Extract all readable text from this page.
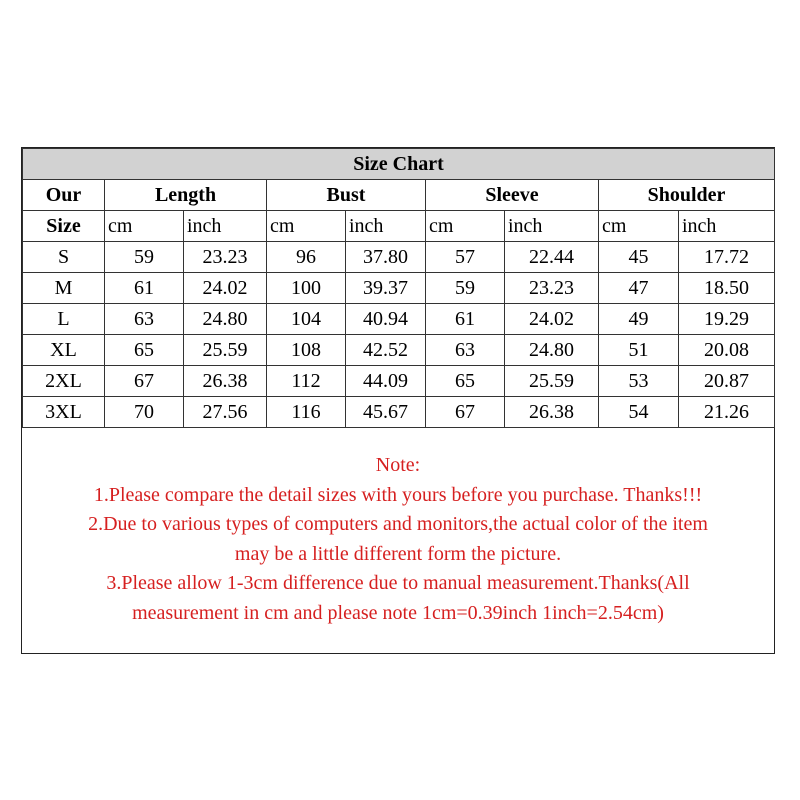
Size Chart								
Our	Length		Bust		Sleeve		Shoulder	
Size	cm	inch	cm	inch	cm	inch	cm	inch
S	59	23.23	96	37.80	57	22.44	45	17.72
M	61	24.02	100	39.37	59	23.23	47	18.50
L	63	24.80	104	40.94	61	24.02	49	19.29
XL	65	25.59	108	42.52	63	24.80	51	20.08
2XL	67	26.38	112	44.09	65	25.59	53	20.87
3XL	70	27.56	116	45.67	67	26.38	54	21.26
Note:
1.Please compare the detail sizes with yours before you purchase. Thanks!!!
2.Due to various types of computers and monitors,the actual color of the item
may be a little different form the picture.
3.Please allow 1-3cm difference due to manual measurement.Thanks(All
measurement in cm and please note 1cm=0.39inch 1inch=2.54cm)
